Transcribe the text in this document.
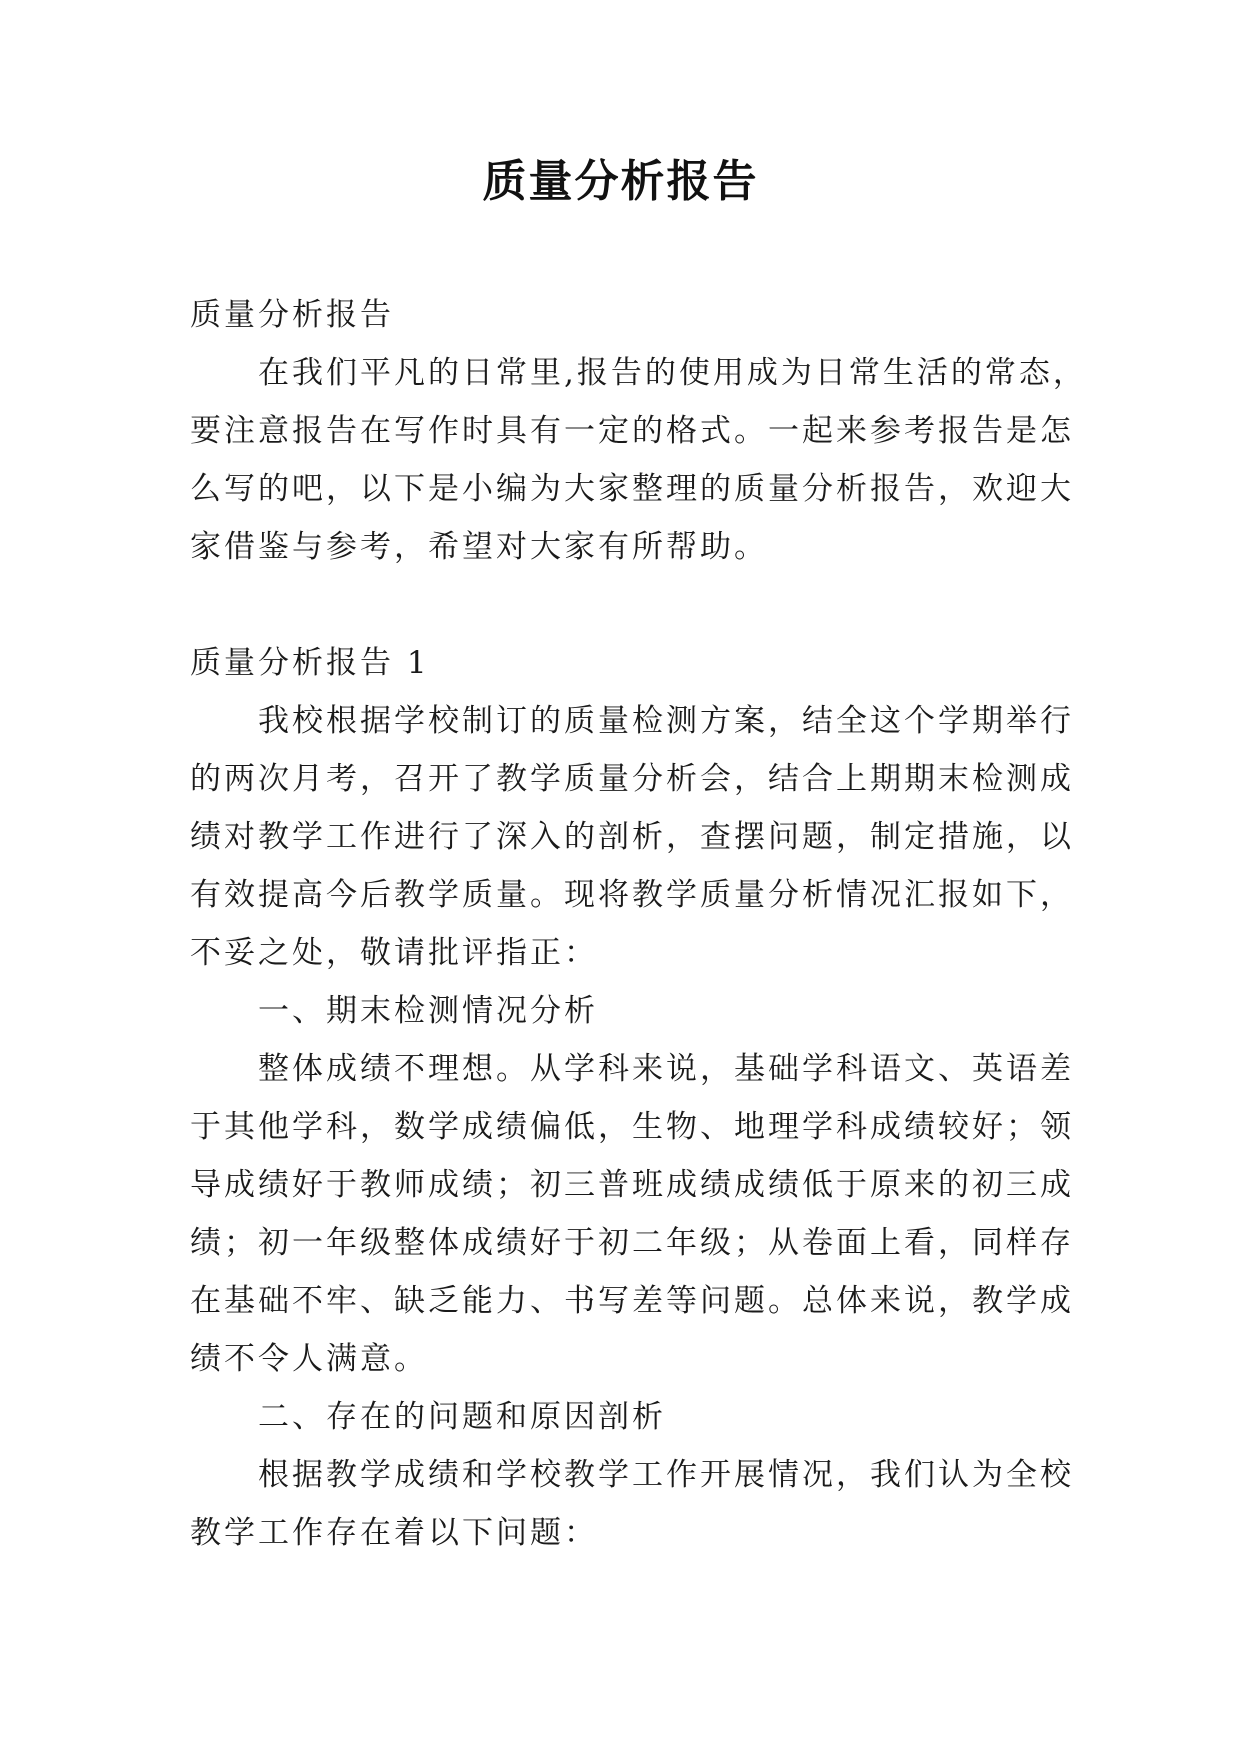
质量分析报告
质量分析报告
在我们平凡的日常里,报告的使用成为日常生活的常态，
要注意报告在写作时具有一定的格式。一起来参考报告是怎
么写的吧，以下是小编为大家整理的质量分析报告，欢迎大
家借鉴与参考，希望对大家有所帮助。
质量分析报告 1
我校根据学校制订的质量检测方案，结全这个学期举行
的两次月考，召开了教学质量分析会，结合上期期末检测成
绩对教学工作进行了深入的剖析，查摆问题，制定措施，以
有效提高今后教学质量。现将教学质量分析情况汇报如下，
不妥之处，敬请批评指正：
一、期末检测情况分析
整体成绩不理想。从学科来说，基础学科语文、英语差
于其他学科，数学成绩偏低，生物、地理学科成绩较好；领
导成绩好于教师成绩；初三普班成绩成绩低于原来的初三成
绩；初一年级整体成绩好于初二年级；从卷面上看，同样存
在基础不牢、缺乏能力、书写差等问题。总体来说，教学成
绩不令人满意。
二、存在的问题和原因剖析
根据教学成绩和学校教学工作开展情况，我们认为全校
教学工作存在着以下问题：
